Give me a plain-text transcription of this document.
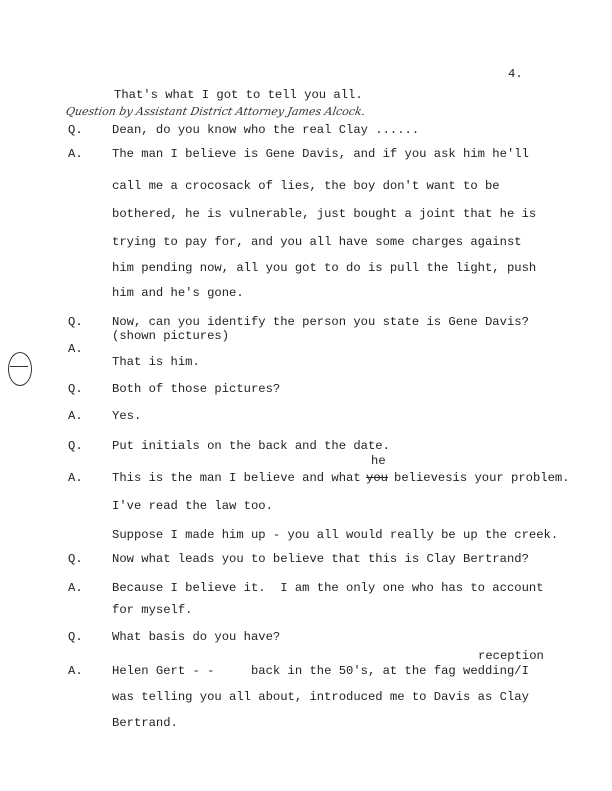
4.
Question by Assistant District Attorney James Alcock.
That's what I got to tell you all.
Q. Dean, do you know who the real Clay ......
A. The man I believe is Gene Davis, and if you ask him he'll
call me a crocosack of lies, the boy don't want to be
bothered, he is vulnerable, just bought a joint that he is
trying to pay for, and you all have some charges against
him pending now, all you got to do is pull the light, push
him and he's gone.
Q. Now, can you identify the person you state is Gene Davis?
(shown pictures)
A.
That is him.
Q. Both of those pictures?
A. Yes.
Q. Put initials on the back and the date.
he
A. This is the man I believe and what you believesis your problem.
I've read the law too.
Suppose I made him up - you all would really be up the creek.
Q. Now what leads you to believe that this is Clay Bertrand?
A. Because I believe it.  I am the only one who has to account
for myself.
Q. What basis do you have?
reception
A. Helen Gert - -     back in the 50's, at the fag wedding/I
was telling you all about, introduced me to Davis as Clay
Bertrand.
